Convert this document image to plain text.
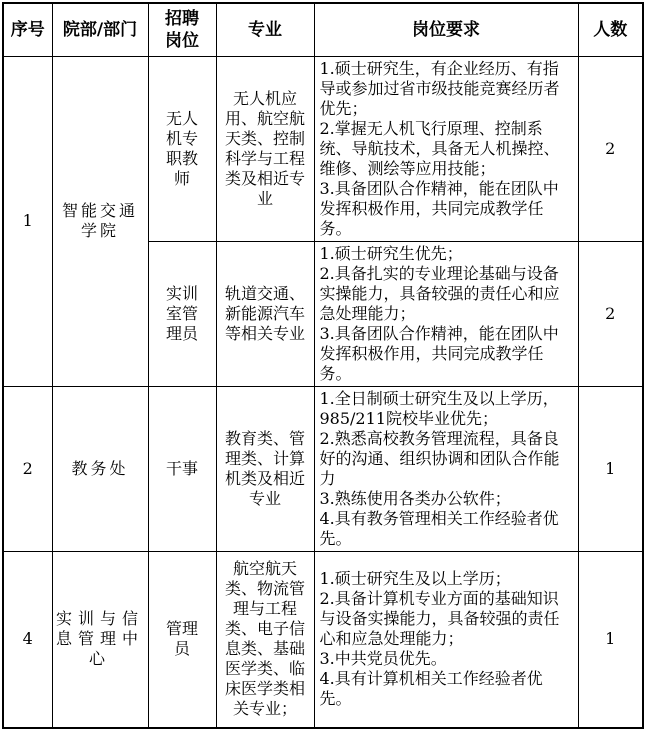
序号	院部/部门	招聘岗位	专业	岗位要求	人数
1	智能交通学院	无人机专职教师	无人机应用、航空航天类、控制科学与工程类及相近专业	1.硕士研究生，有企业经历、有指导或参加过省市级技能竞赛经历者优先；
2.掌握无人机飞行原理、控制系统、导航技术，具备无人机操控、维修、测绘等应用技能；
3.具备团队合作精神，能在团队中发挥积极作用，共同完成教学任务。	2
		实训室管理员	轨道交通、新能源汽车等相关专业	1.硕士研究生优先；
2.具备扎实的专业理论基础与设备实操能力，具备较强的责任心和应急处理能力；
3.具备团队合作精神，能在团队中发挥积极作用，共同完成教学任务。	2
2	教务处	干事	教育类、管理类、计算机类及相近专业	1.全日制硕士研究生及以上学历，985/211院校毕业优先；
2.熟悉高校教务管理流程，具备良好的沟通、组织协调和团队合作能力
3.熟练使用各类办公软件；
4.具有教务管理相关工作经验者优先。	1
4	实训与信息管理中心	管理员	航空航天类、物流管理与工程类、电子信息类、基础医学类、临床医学类相关专业；	1.硕士研究生及以上学历；
2.具备计算机专业方面的基础知识与设备实操能力，具备较强的责任心和应急处理能力；
3.中共党员优先。
4.具有计算机相关工作经验者优先。	1
